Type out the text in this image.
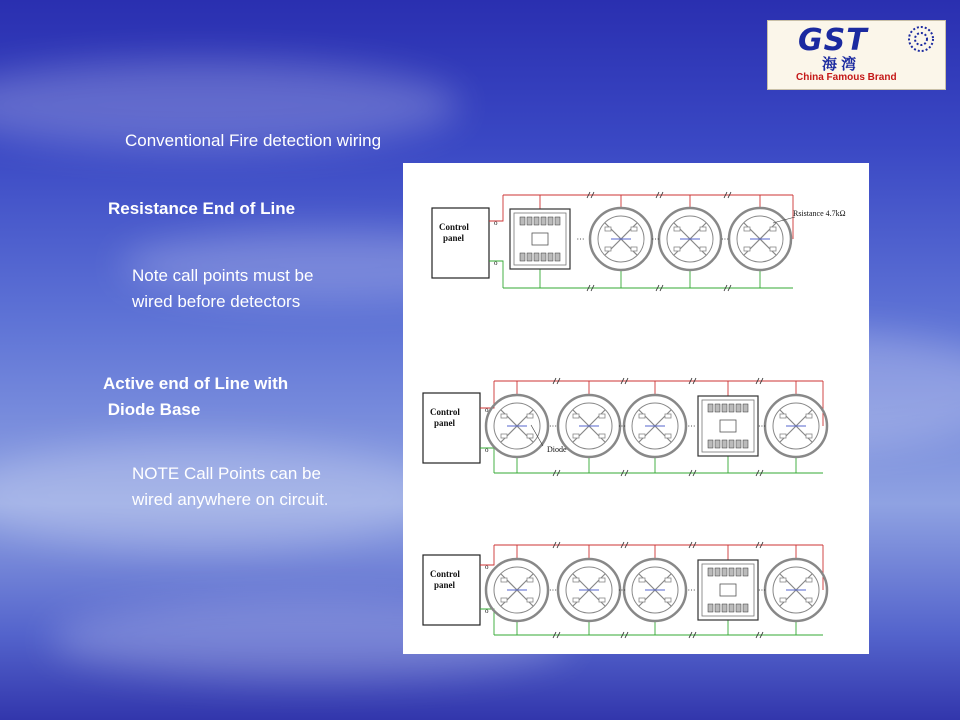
GST
海 湾
China Famous Brand
Conventional Fire detection wiring
Resistance End of Line
Note call points must be
wired before detectors
Active end of Line with
Diode Base
NOTE Call Points can be
wired anywhere on circuit.
Control
panel
o
o
···	···	···
Rsistance 4.7kΩ
Control
panel
o
o
···	···	···	···
Diode
Control
panel
o
o
···	···	···	···
